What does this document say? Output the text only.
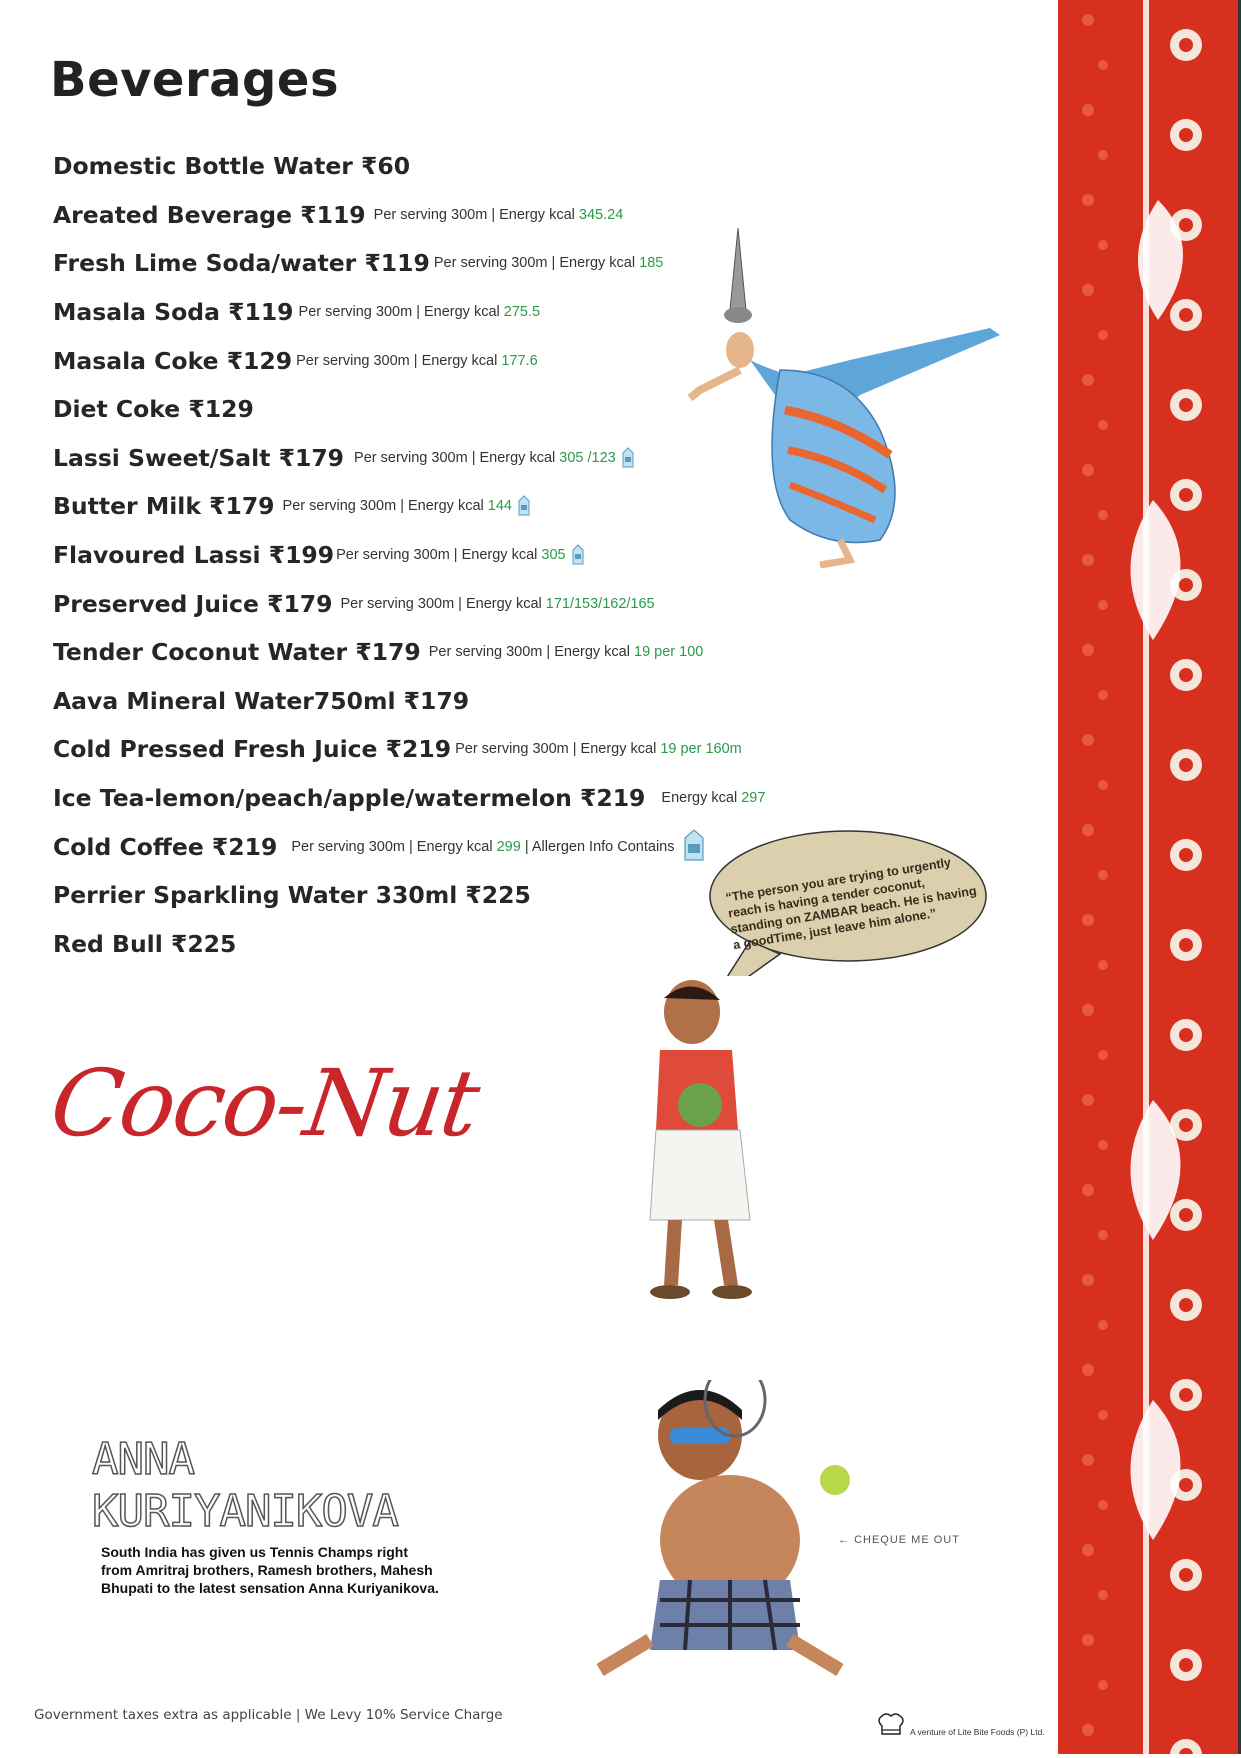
Beverages
Domestic Bottle Water ₹60
Areated Beverage ₹119 Per serving 300m | Energy kcal 345.24
Fresh Lime Soda/water ₹119 Per serving 300m | Energy kcal 185
Masala Soda ₹119 Per serving 300m | Energy kcal 275.5
Masala Coke ₹129 Per serving 300m | Energy kcal 177.6
Diet Coke ₹129
Lassi Sweet/Salt ₹179 Per serving 300m | Energy kcal 305 /123
Butter Milk ₹179 Per serving 300m | Energy kcal 144
Flavoured Lassi ₹199 Per serving 300m | Energy kcal 305
Preserved Juice ₹179 Per serving 300m | Energy kcal 171/153/162/165
Tender Coconut Water ₹179 Per serving 300m | Energy kcal 19 per 100
Aava Mineral Water750ml ₹179
Cold Pressed Fresh Juice ₹219 Per serving 300m | Energy kcal 19 per 160m
Ice Tea-lemon/peach/apple/watermelon ₹219 Energy kcal 297
Cold Coffee ₹219 Per serving 300m | Energy kcal 299 | Allergen Info Contains
Perrier Sparkling Water 330ml ₹225
Red Bull ₹225
“The person you are trying to urgently reach is having a tender coconut, standing on ZAMBAR beach. He is having a goodTime, just leave him alone.”
Coco-Nut
ANNA
KURIYANIKOVA
South India has given us Tennis Champs right from Amritraj brothers, Ramesh brothers, Mahesh Bhupati to the latest sensation Anna Kuriyanikova.
← CHEQUE ME OUT
Government taxes extra as applicable | We Levy 10% Service Charge
A venture of Lite Bite Foods (P) Ltd.
